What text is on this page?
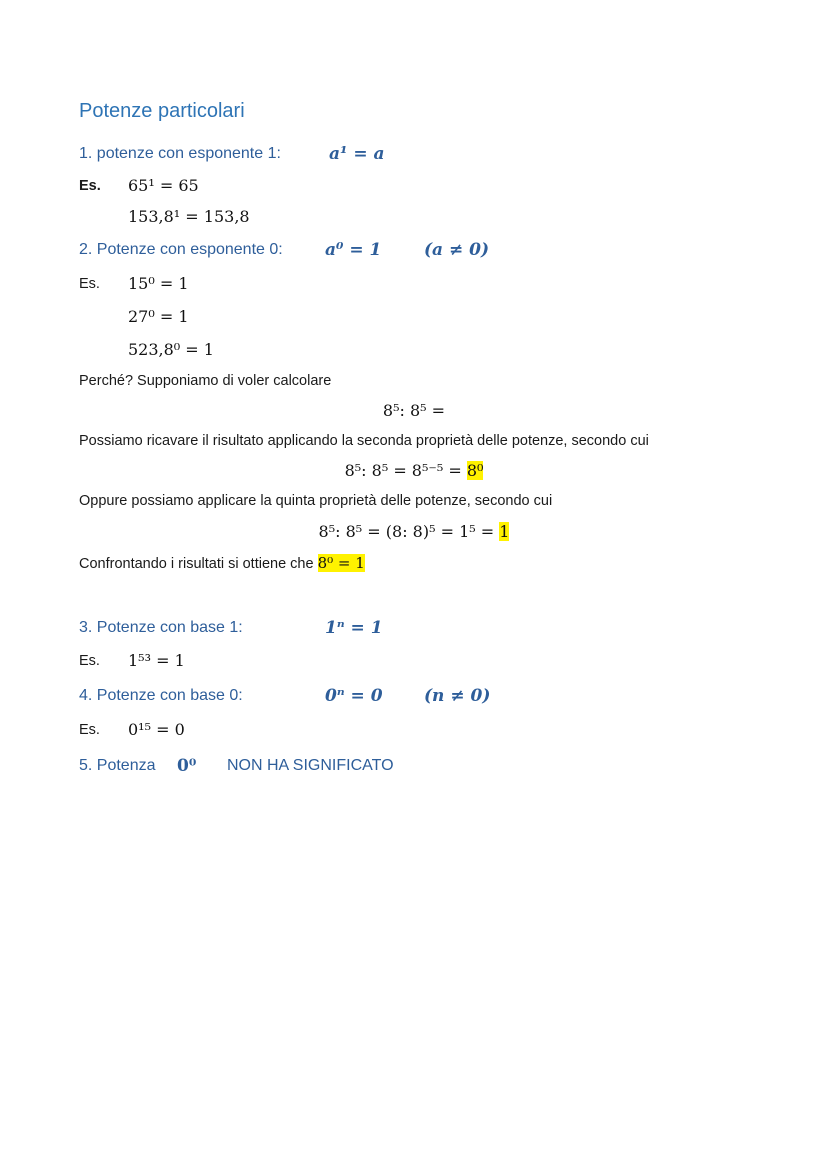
Potenze particolari
1. potenze con esponente 1:	a¹ = a
Es. 65¹ = 65
153,8¹ = 153,8
2. Potenze con esponente 0: a⁰ = 1	(a ≠ 0)
Es. 15⁰ = 1
27⁰ = 1
523,8⁰ = 1
Perché? Supponiamo di voler calcolare
8⁵: 8⁵ =
Possiamo ricavare il risultato applicando la seconda proprietà delle potenze, secondo cui
8⁵: 8⁵ = 8⁵⁻⁵ = 8⁰
Oppure possiamo applicare la quinta proprietà delle potenze, secondo cui
8⁵: 8⁵ = (8: 8)⁵ = 1⁵ = 1
Confrontando i risultati si ottiene che 8⁰ = 1
3. Potenze con base 1:	1ⁿ = 1
Es. 1⁵³ = 1
4. Potenze con base 0:	0ⁿ = 0 (n ≠ 0)
Es. 0¹⁵ = 0
5. Potenza 0⁰ NON HA SIGNIFICATO
